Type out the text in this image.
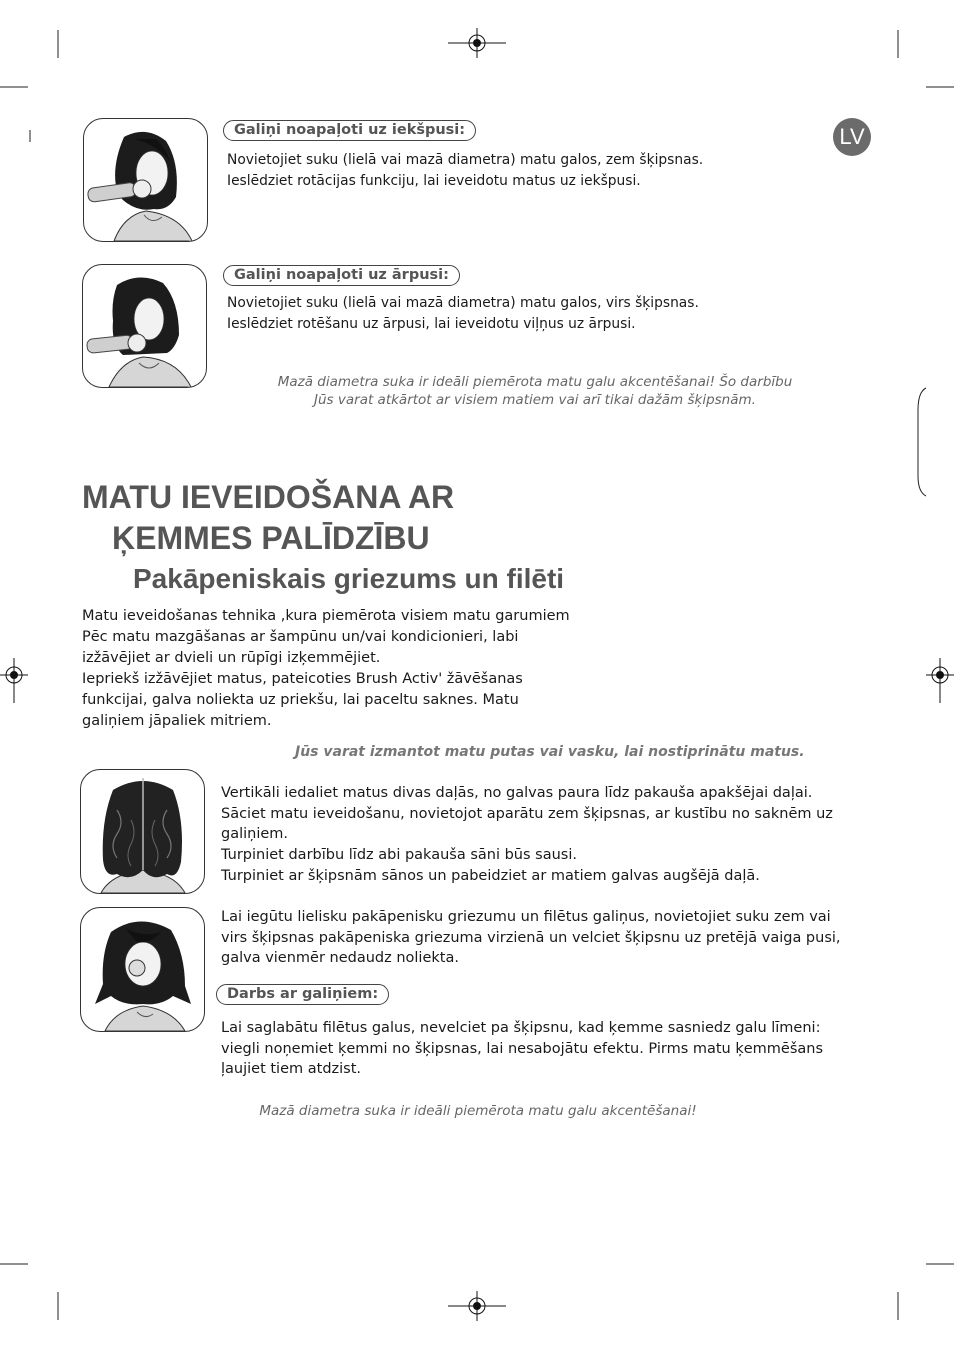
LV
Galiņi noapaļoti uz iekšpusi:
Novietojiet suku (lielā vai mazā diametra) matu galos, zem šķipsnas.
Ieslēdziet rotācijas funkciju, lai ieveidotu matus uz iekšpusi.
Galiņi noapaļoti uz ārpusi:
Novietojiet suku (lielā vai mazā diametra) matu galos, virs šķipsnas.
Ieslēdziet rotēšanu uz ārpusi, lai ieveidotu viļņus uz ārpusi.
Mazā diametra suka ir ideāli piemērota matu galu akcentēšanai! Šo darbību
Jūs varat atkārtot ar visiem matiem vai arī tikai dažām šķipsnām.
MATU IEVEIDOŠANA AR
ĶEMMES PALĪDZĪBU
Pakāpeniskais griezums un filēti
Matu ieveidošanas tehnika ,kura piemērota visiem matu garumiem
Pēc matu mazgāšanas ar šampūnu un/vai kondicionieri, labi
izžāvējiet ar dvieli un rūpīgi izķemmējiet.
Iepriekš izžāvējiet matus, pateicoties Brush Activ' žāvēšanas
funkcijai, galva noliekta uz priekšu, lai paceltu saknes. Matu
galiņiem jāpaliek mitriem.
Jūs varat izmantot matu putas vai vasku, lai nostiprinātu matus.
Vertikāli iedaliet matus divas daļās, no galvas paura līdz pakauša apakšējai daļai.
Sāciet matu ieveidošanu, novietojot aparātu zem šķipsnas, ar kustību no saknēm uz
galiņiem.
Turpiniet darbību līdz abi pakauša sāni būs sausi.
Turpiniet ar šķipsnām sānos un pabeidziet ar matiem galvas augšējā daļā.
Lai iegūtu lielisku pakāpenisku griezumu un filētus galiņus, novietojiet suku zem vai
virs šķipsnas pakāpeniska griezuma virzienā un velciet šķipsnu uz pretējā vaiga pusi,
galva vienmēr nedaudz noliekta.
Darbs ar galiņiem:
Lai saglabātu filētus galus, nevelciet pa šķipsnu, kad ķemme sasniedz galu līmeni:
viegli noņemiet ķemmi no šķipsnas, lai nesabojātu efektu. Pirms matu ķemmēšans
ļaujiet tiem atdzist.
Mazā diametra suka ir ideāli piemērota matu galu akcentēšanai!
